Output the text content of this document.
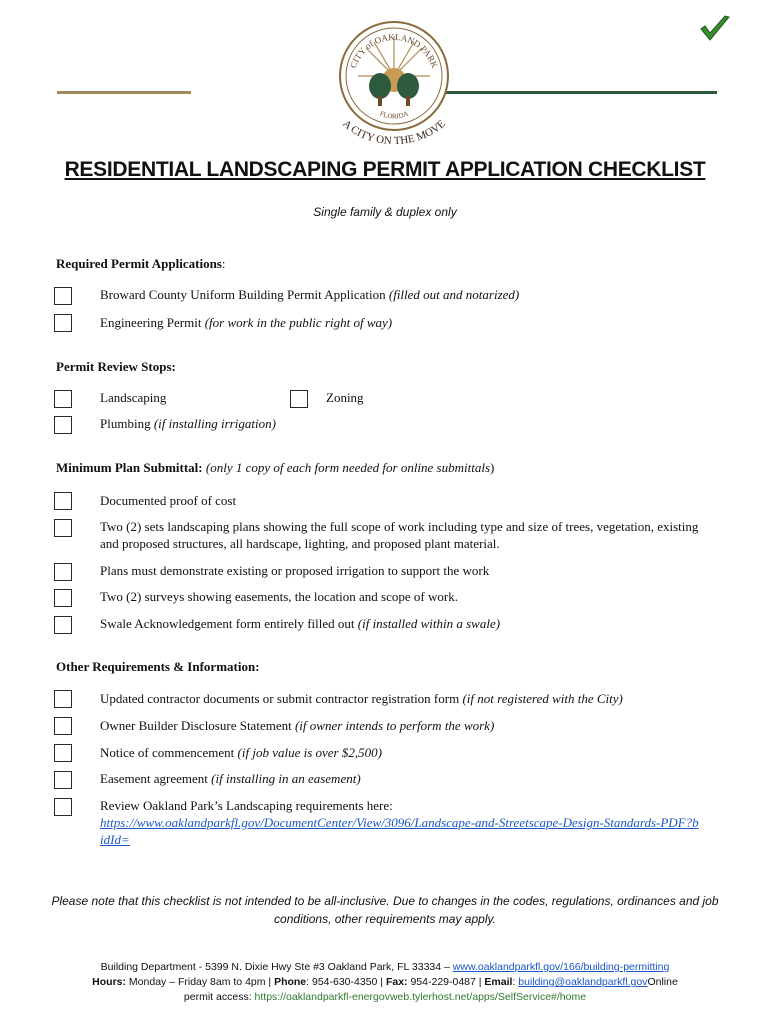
CITY of OAKLAND PARK
FLORIDA
A CITY ON THE MOVE
RESIDENTIAL LANDSCAPING PERMIT APPLICATION CHECKLIST
Single family & duplex only
Required Permit Applications:
Broward County Uniform Building Permit Application (filled out and notarized)
Engineering Permit (for work in the public right of way)
Permit Review Stops:
Landscaping	Zoning
Plumbing (if installing irrigation)
Minimum Plan Submittal: (only 1 copy of each form needed for online submittals)
Documented proof of cost
Two (2) sets landscaping plans showing the full scope of work including type and size of trees, vegetation, existing and proposed structures, all hardscape, lighting, and proposed plant material.
Plans must demonstrate existing or proposed irrigation to support the work
Two (2) surveys showing easements, the location and scope of work.
Swale Acknowledgement form entirely filled out (if installed within a swale)
Other Requirements & Information:
Updated contractor documents or submit contractor registration form (if not registered with the City)
Owner Builder Disclosure Statement (if owner intends to perform the work)
Notice of commencement (if job value is over $2,500)
Easement agreement (if installing in an easement)
Review Oakland Park’s Landscaping requirements here:
https://www.oaklandparkfl.gov/DocumentCenter/View/3096/Landscape-and-Streetscape-Design-Standards-PDF?bidId=
Please note that this checklist is not intended to be all-inclusive. Due to changes in the codes, regulations, ordinances and job conditions, other requirements may apply.
Building Department - 5399 N. Dixie Hwy Ste #3 Oakland Park, FL 33334 – www.oaklandparkfl.gov/166/building-permitting
Hours: Monday – Friday 8am to 4pm | Phone: 954-630-4350 | Fax: 954-229-0487 | Email: building@oaklandparkfl.govOnline
permit access: https://oaklandparkfl-energovweb.tylerhost.net/apps/SelfService#/home
